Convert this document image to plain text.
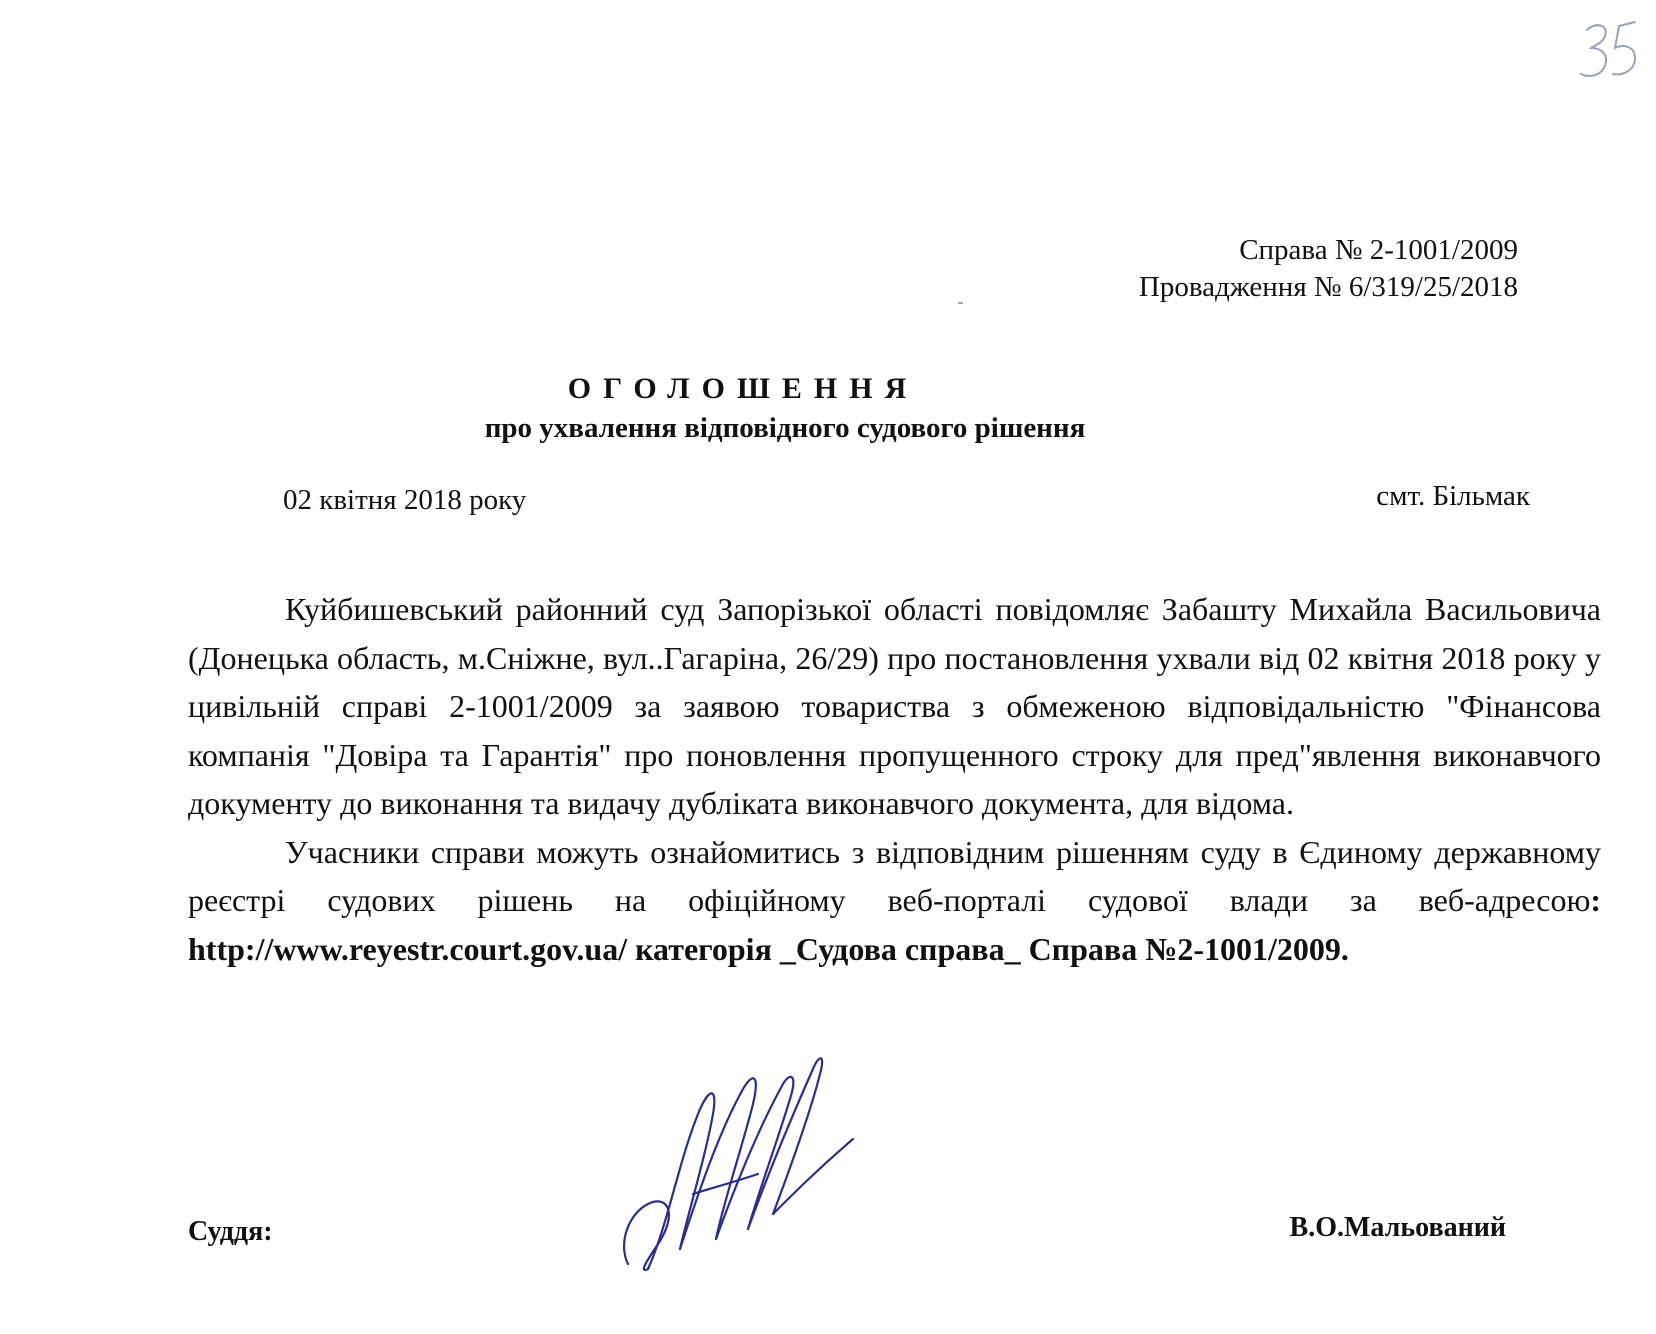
Справа № 2-1001/2009
Провадження № 6/319/25/2018
ОГОЛОШЕННЯ
про ухвалення відповідного судового рішення
02 квітня 2018 року	смт. Більмак

Куйбишевський районний суд Запорізької області повідомляє Забашту Михайла Васильовича (Донецька область, м.Сніжне, вул..Гагаріна, 26/29) про постановлення ухвали від 02 квітня 2018 року у цивільній справі 2-1001/2009 за заявою товариства з обмеженою відповідальністю "Фінансова компанія "Довіра та Гарантія" про поновлення пропущенного строку для пред"явлення виконавчого документу до виконання та видачу дубліката виконавчого документа, для відома.

Учасники справи можуть ознайомитись з відповідним рішенням суду в Єдиному державному реєстрі судових рішень на офіційному веб-порталі судової влади за веб-адресою: http://www.reyestr.court.gov.ua/ категорія _Судова справа_ Справа №2-1001/2009.

Суддя:	В.О.Мальований
